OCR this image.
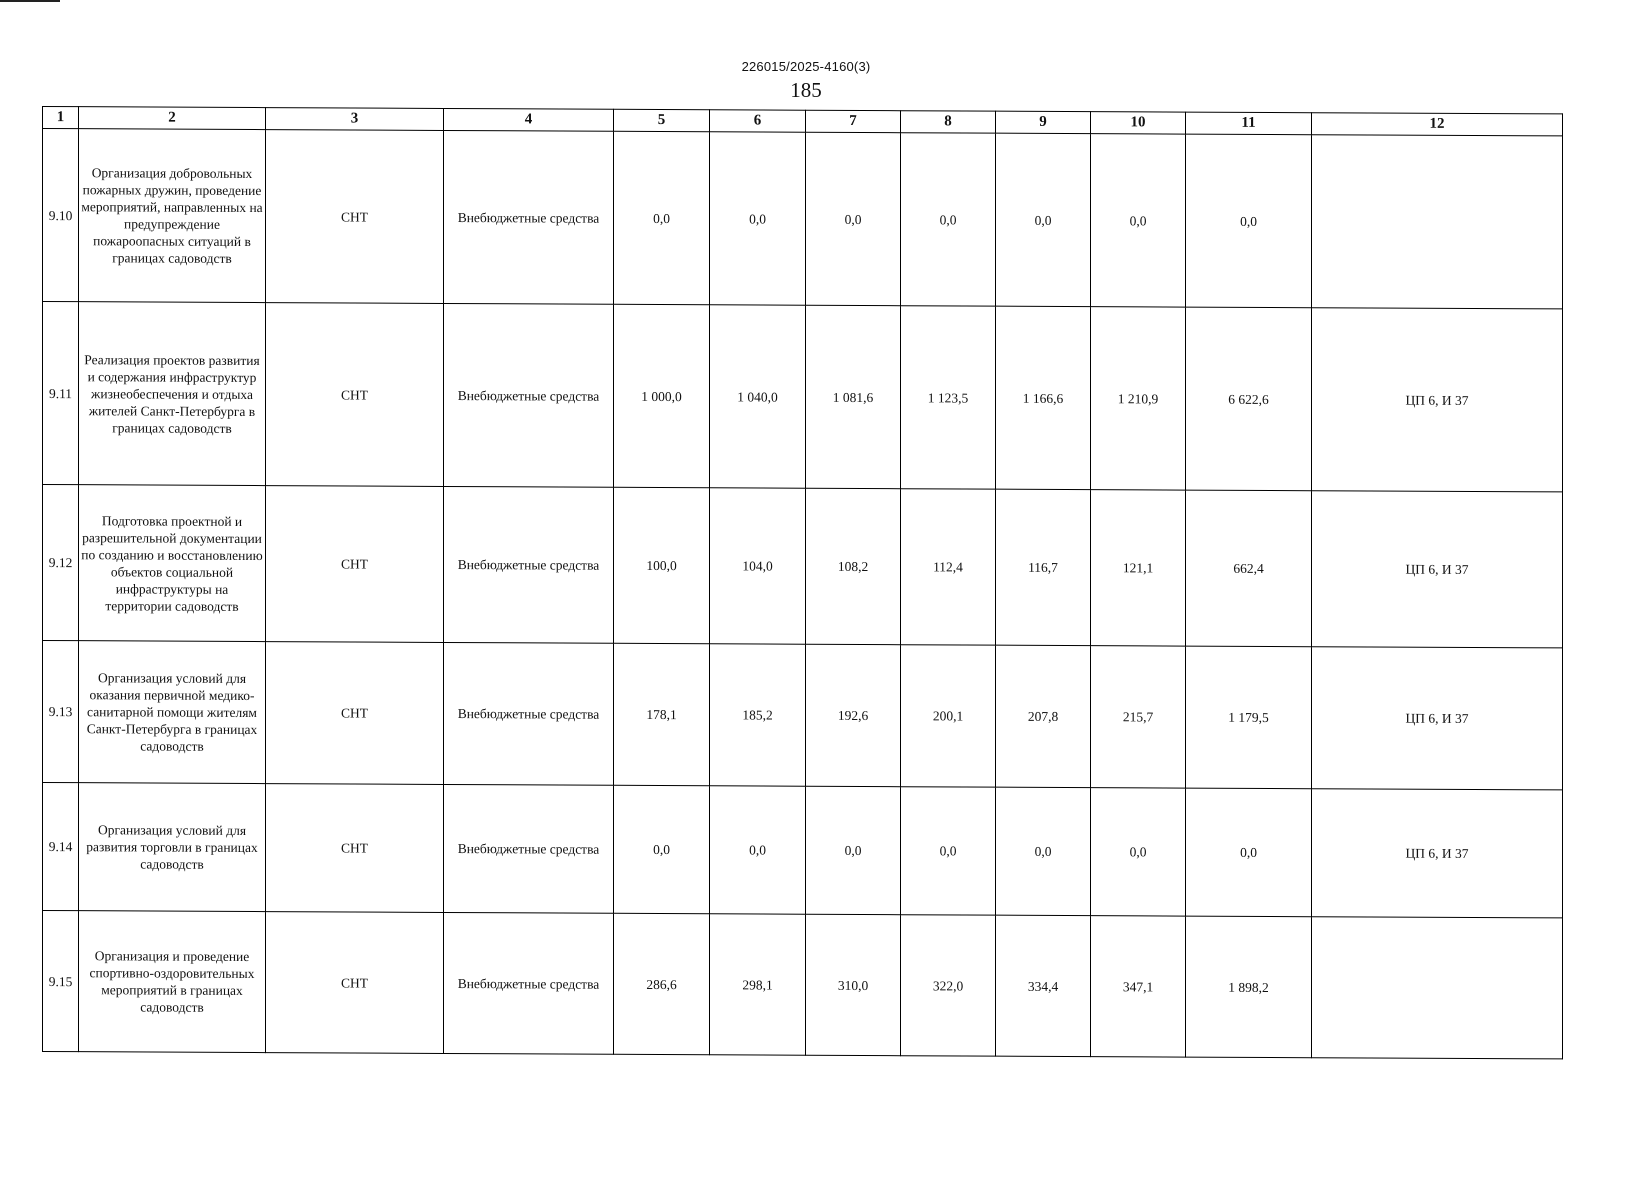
226015/2025-4160(3)
185
1	2	3	4	5	6	7	8	9	10	11	12
9.10	Организация добровольных пожарных дружин, проведение мероприятий, направленных на предупреждение пожароопасных ситуаций в границах садоводств	СНТ	Внебюджетные средства	0,0	0,0	0,0	0,0	0,0	0,0	0,0	
9.11	Реализация проектов развития и содержания инфраструктур жизнеобеспечения и отдыха жителей Санкт-Петербурга в границах садоводств	СНТ	Внебюджетные средства	1 000,0	1 040,0	1 081,6	1 123,5	1 166,6	1 210,9	6 622,6	ЦП 6, И 37
9.12	Подготовка проектной и разрешительной документации по созданию и восстановлению объектов социальной инфраструктуры на территории садоводств	СНТ	Внебюджетные средства	100,0	104,0	108,2	112,4	116,7	121,1	662,4	ЦП 6, И 37
9.13	Организация условий для оказания первичной медико-санитарной помощи жителям Санкт-Петербурга в границах садоводств	СНТ	Внебюджетные средства	178,1	185,2	192,6	200,1	207,8	215,7	1 179,5	ЦП 6, И 37
9.14	Организация условий для развития торговли в границах садоводств	СНТ	Внебюджетные средства	0,0	0,0	0,0	0,0	0,0	0,0	0,0	ЦП 6, И 37
9.15	Организация и проведение спортивно-оздоровительных мероприятий в границах садоводств	СНТ	Внебюджетные средства	286,6	298,1	310,0	322,0	334,4	347,1	1 898,2	
